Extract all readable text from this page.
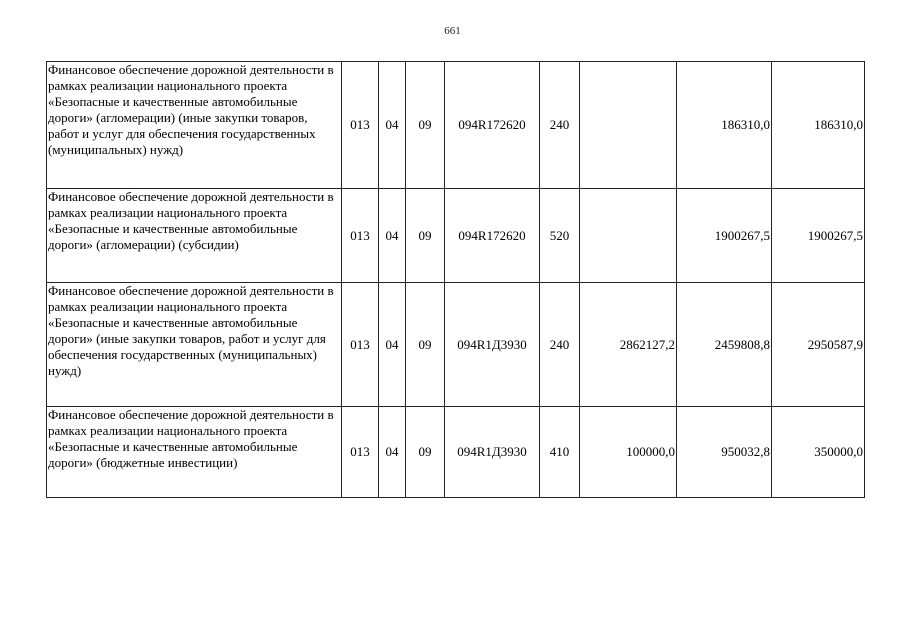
661
Финансовое обеспечение дорожной деятельности в рамках реализации национального проекта «Безопасные и качественные автомобильные дороги» (агломерации) (иные закупки товаров, работ и услуг для обеспечения государственных (муниципальных) нужд)	013	04	09	094R172620	240		186310,0	186310,0
Финансовое обеспечение дорожной деятельности в рамках реализации национального проекта «Безопасные и качественные автомобильные дороги» (агломерации) (субсидии)	013	04	09	094R172620	520		1900267,5	1900267,5
Финансовое обеспечение дорожной деятельности в рамках реализации национального проекта «Безопасные и качественные автомобильные дороги» (иные закупки товаров, работ и услуг для обеспечения государственных (муниципальных) нужд)	013	04	09	094R1Д3930	240	2862127,2	2459808,8	2950587,9
Финансовое обеспечение дорожной деятельности в рамках реализации национального проекта «Безопасные и качественные автомобильные дороги» (бюджетные инвестиции)	013	04	09	094R1Д3930	410	100000,0	950032,8	350000,0
